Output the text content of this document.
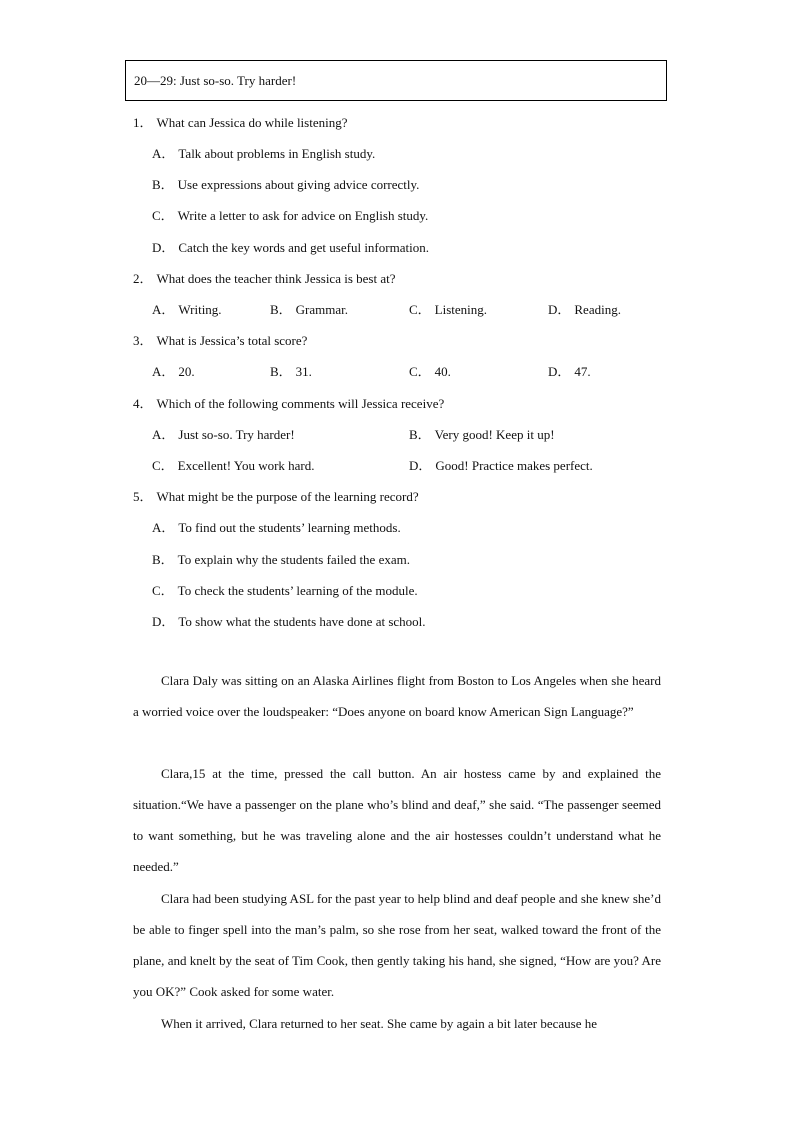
20—29: Just so-so. Try harder!
1． What can Jessica do while listening?
A． Talk about problems in English study.
B． Use expressions about giving advice correctly.
C． Write a letter to ask for advice on English study.
D． Catch the key words and get useful information.
2． What does the teacher think Jessica is best at?
A． Writing.	B． Grammar.	C． Listening.	D． Reading.
3． What is Jessica’s total score?
A． 20.	B． 31.	C． 40.	D． 47.
4． Which of the following comments will Jessica receive?
A． Just so-so. Try harder!	B． Very good! Keep it up!
C． Excellent! You work hard.	D． Good! Practice makes perfect.
5． What might be the purpose of the learning record?
A． To find out the students’ learning methods.
B． To explain why the students failed the exam.
C． To check the students’ learning of the module.
D． To show what the students have done at school.
Clara Daly was sitting on an Alaska Airlines flight from Boston to Los Angeles when she heard a worried voice over the loudspeaker: “Does anyone on board know American Sign Language?”
Clara,15 at the time, pressed the call button. An air hostess came by and explained the situation.“We have a passenger on the plane who’s blind and deaf,” she said. “The passenger seemed to want something, but he was traveling alone and the air hostesses couldn’t understand what he needed.”
Clara had been studying ASL for the past year to help blind and deaf people and she knew she’d be able to finger spell into the man’s palm, so she rose from her seat, walked toward the front of the plane, and knelt by the seat of Tim Cook, then gently taking his hand, she signed, “How are you? Are you OK?” Cook asked for some water.
When it arrived, Clara returned to her seat. She came by again a bit later because he
